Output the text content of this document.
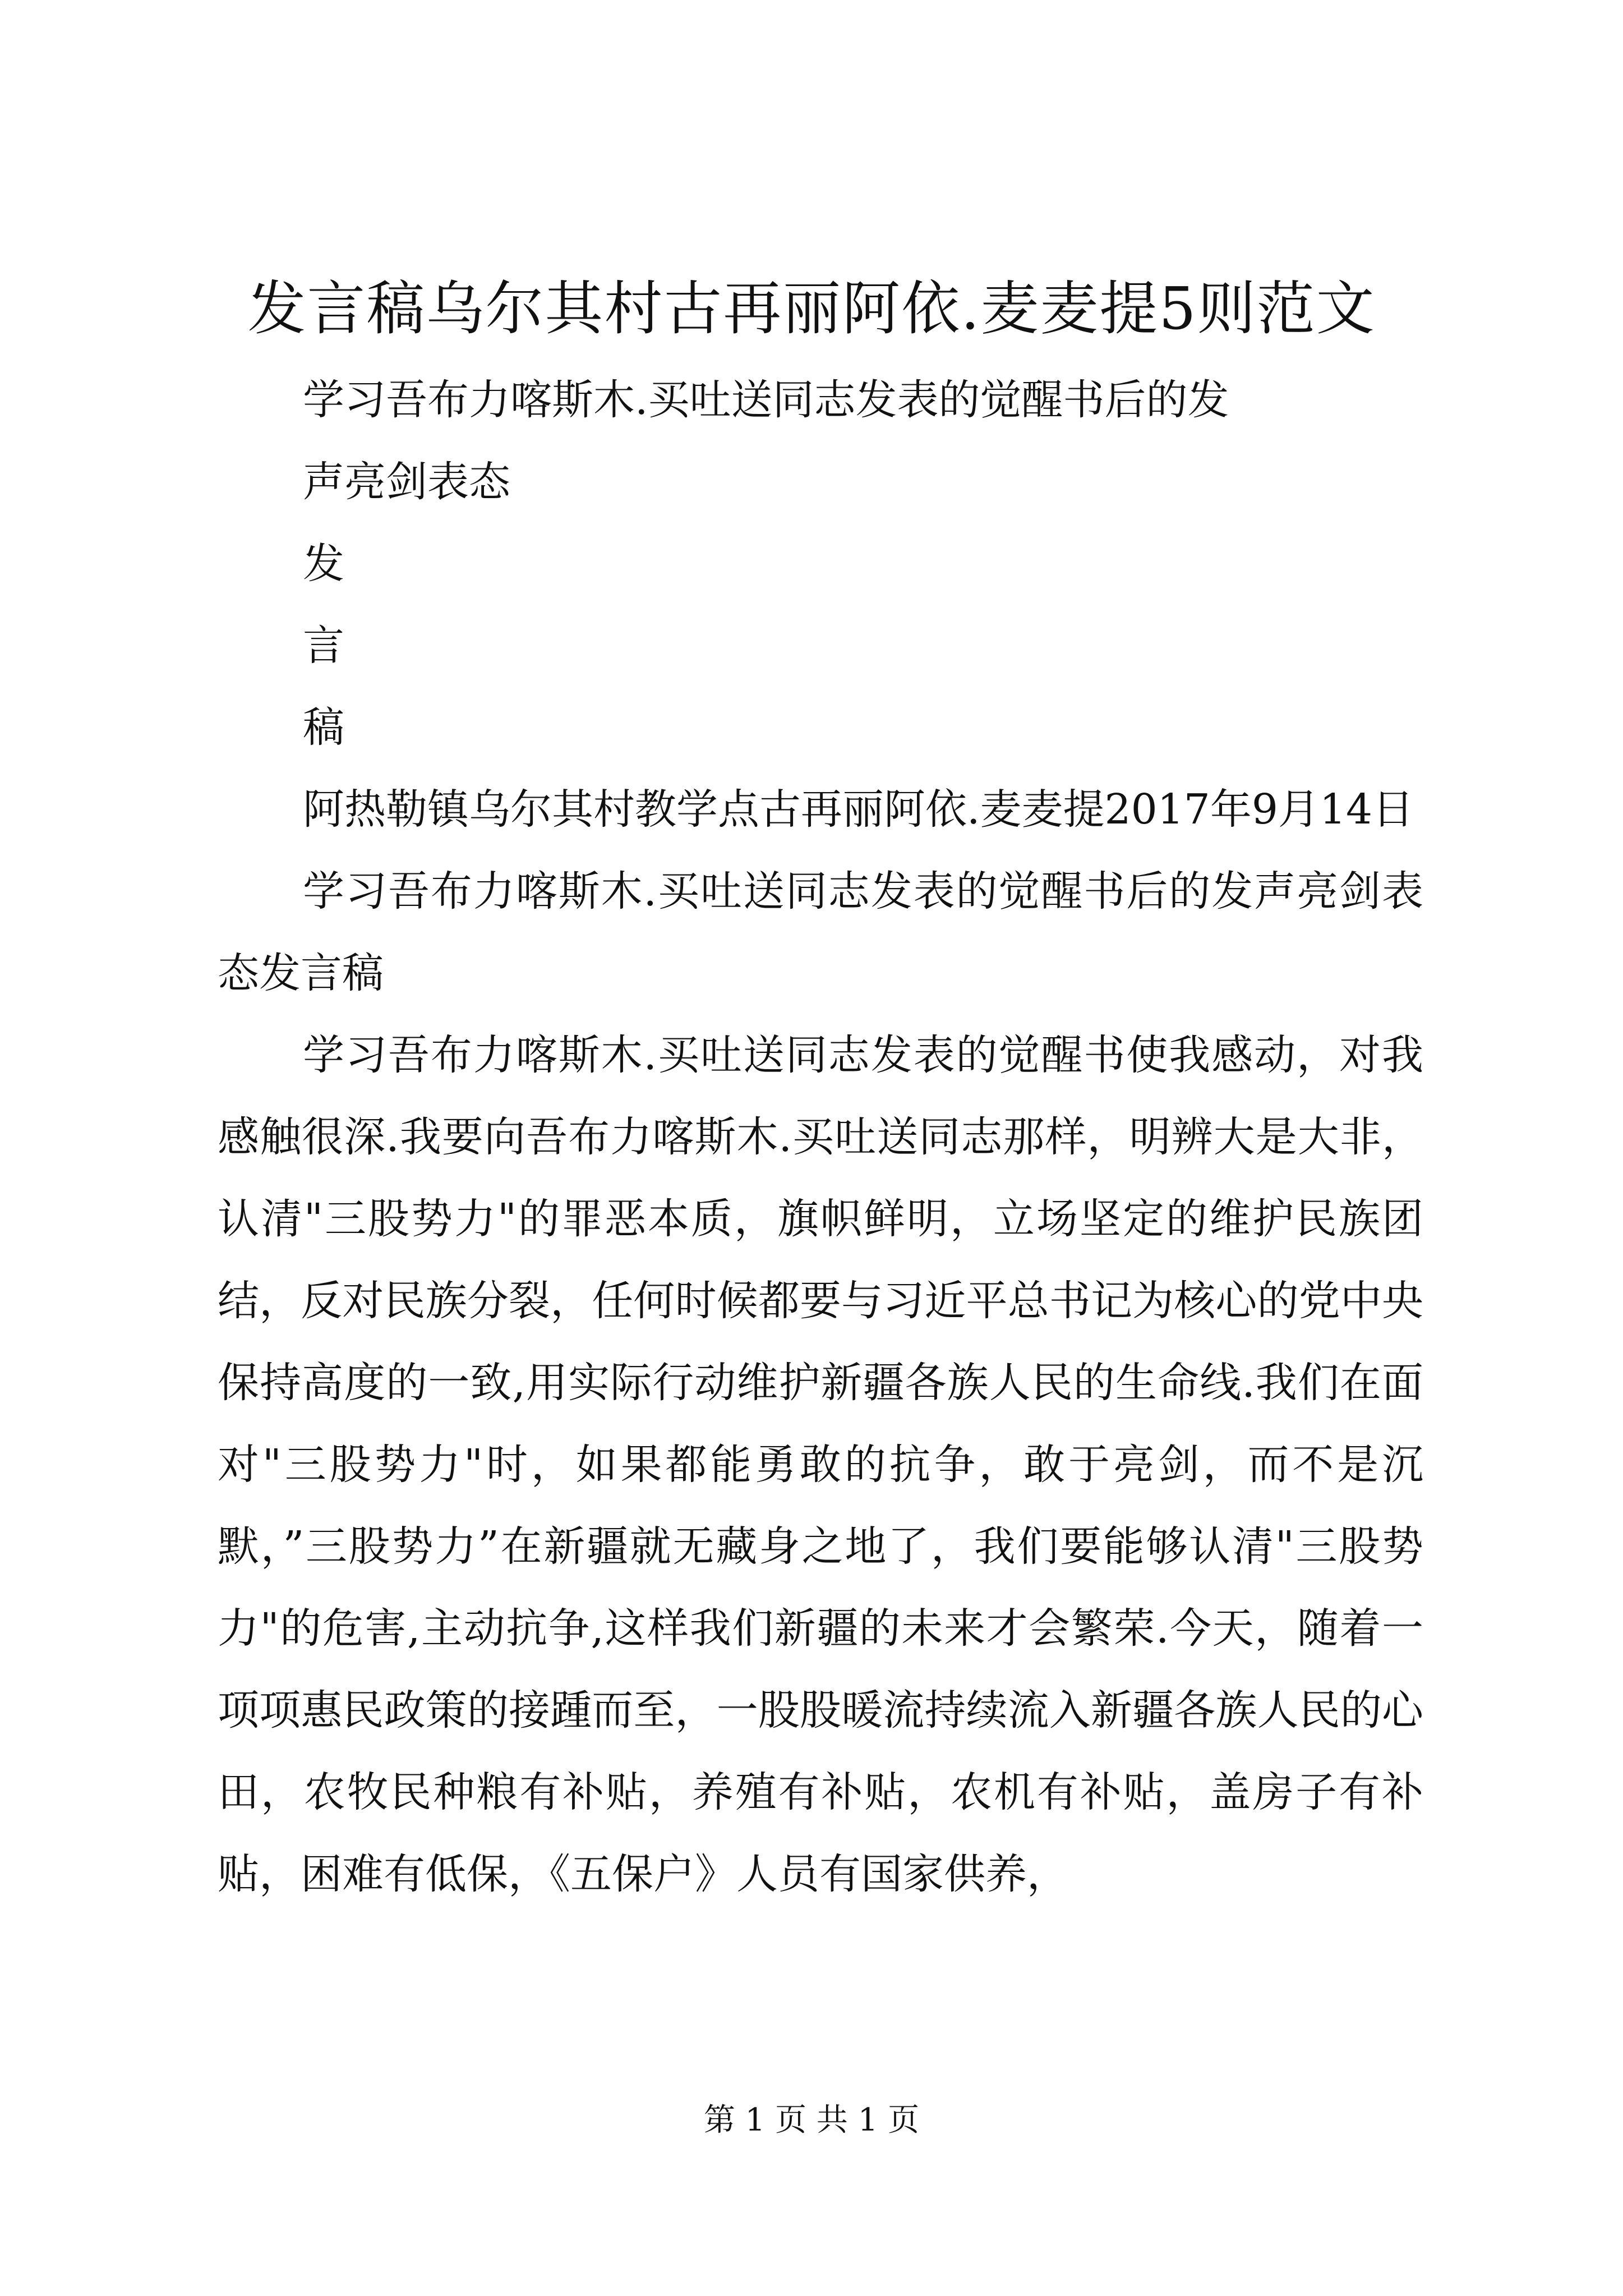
发言稿乌尔其村古再丽阿依.麦麦提5则范文

学习吾布力喀斯木.买吐送同志发表的觉醒书后的发

声亮剑表态

发

言

稿

阿热勒镇乌尔其村教学点古再丽阿依.麦麦提2017年9月14日

学习吾布力喀斯木.买吐送同志发表的觉醒书后的发声亮剑表态发言稿

学习吾布力喀斯木.买吐送同志发表的觉醒书使我感动，对我感触很深.我要向吾布力喀斯木.买吐送同志那样，明辨大是大非，认清"三股势力"的罪恶本质，旗帜鲜明，立场坚定的维护民族团结，反对民族分裂，任何时候都要与习近平总书记为核心的党中央保持高度的一致,用实际行动维护新疆各族人民的生命线.我们在面对"三股势力"时，如果都能勇敢的抗争，敢于亮剑，而不是沉默，”三股势力”在新疆就无藏身之地了，我们要能够认清"三股势力"的危害,主动抗争,这样我们新疆的未来才会繁荣.今天，随着一项项惠民政策的接踵而至，一股股暖流持续流入新疆各族人民的心田，农牧民种粮有补贴，养殖有补贴，农机有补贴，盖房子有补贴，困难有低保，《五保户》人员有国家供养，

第 1 页 共 1 页
